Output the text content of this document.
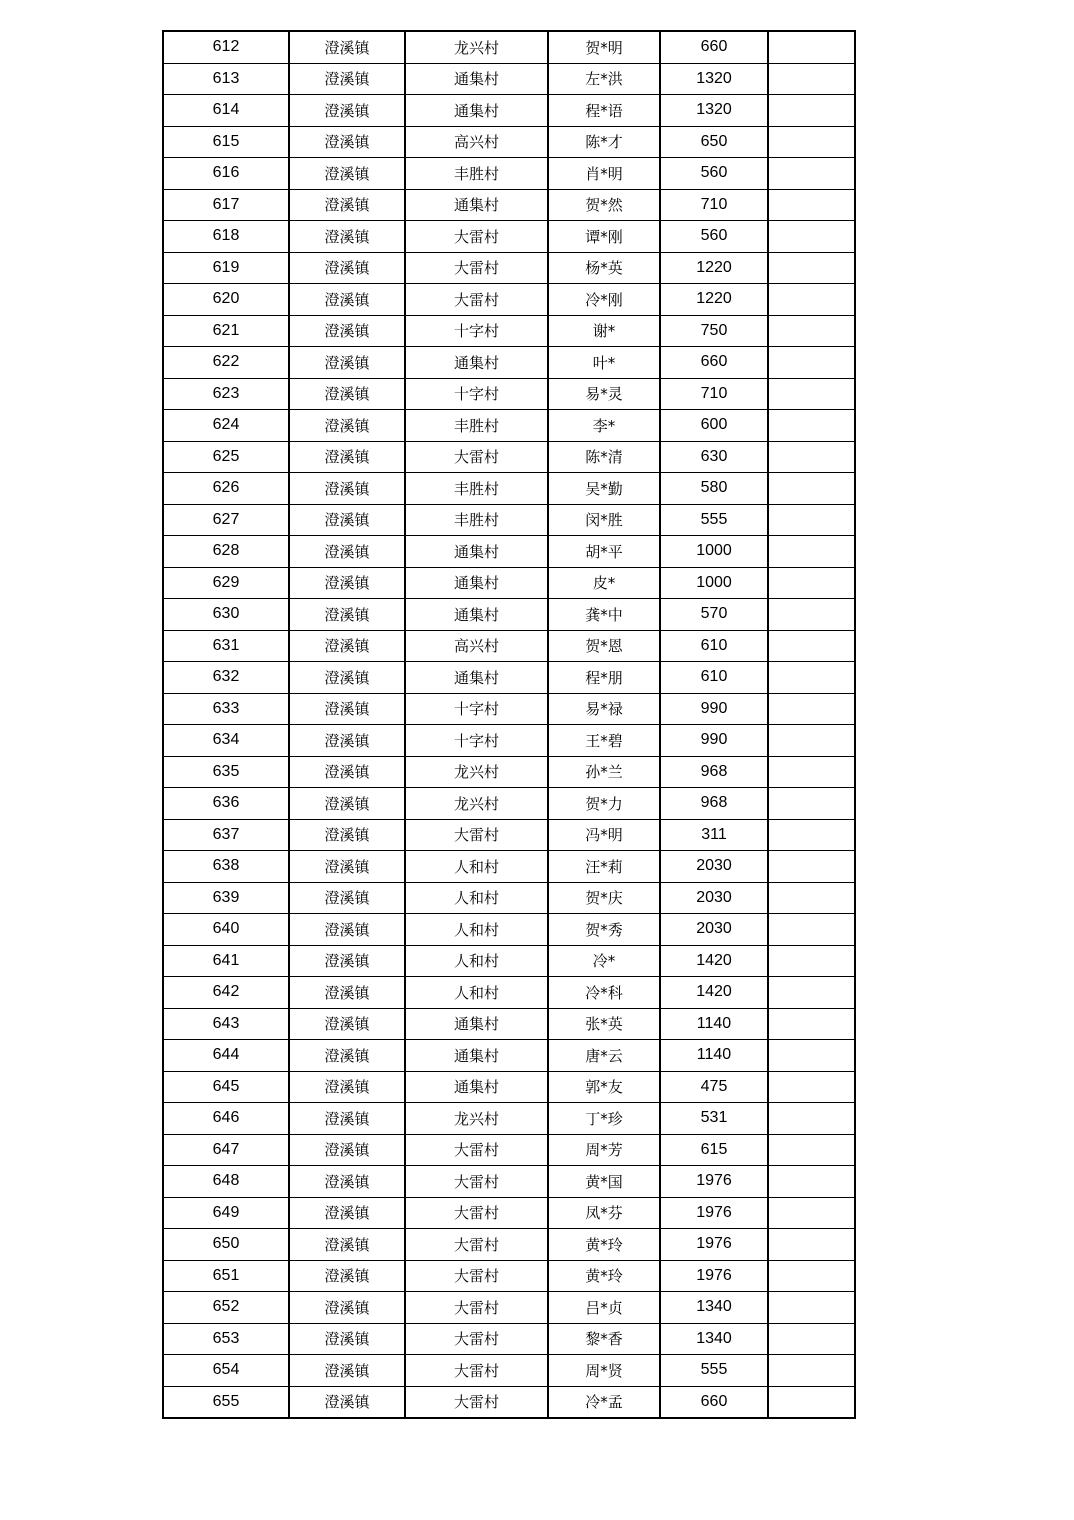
612	澄溪镇	龙兴村	贺*明	660	
613	澄溪镇	通集村	左*洪	1320	
614	澄溪镇	通集村	程*语	1320	
615	澄溪镇	高兴村	陈*才	650	
616	澄溪镇	丰胜村	肖*明	560	
617	澄溪镇	通集村	贺*然	710	
618	澄溪镇	大雷村	谭*刚	560	
619	澄溪镇	大雷村	杨*英	1220	
620	澄溪镇	大雷村	冷*刚	1220	
621	澄溪镇	十字村	谢*	750	
622	澄溪镇	通集村	叶*	660	
623	澄溪镇	十字村	易*灵	710	
624	澄溪镇	丰胜村	李*	600	
625	澄溪镇	大雷村	陈*清	630	
626	澄溪镇	丰胜村	吴*勤	580	
627	澄溪镇	丰胜村	闵*胜	555	
628	澄溪镇	通集村	胡*平	1000	
629	澄溪镇	通集村	皮*	1000	
630	澄溪镇	通集村	龚*中	570	
631	澄溪镇	高兴村	贺*恩	610	
632	澄溪镇	通集村	程*朋	610	
633	澄溪镇	十字村	易*禄	990	
634	澄溪镇	十字村	王*碧	990	
635	澄溪镇	龙兴村	孙*兰	968	
636	澄溪镇	龙兴村	贺*力	968	
637	澄溪镇	大雷村	冯*明	311	
638	澄溪镇	人和村	汪*莉	2030	
639	澄溪镇	人和村	贺*庆	2030	
640	澄溪镇	人和村	贺*秀	2030	
641	澄溪镇	人和村	冷*	1420	
642	澄溪镇	人和村	冷*科	1420	
643	澄溪镇	通集村	张*英	1140	
644	澄溪镇	通集村	唐*云	1140	
645	澄溪镇	通集村	郭*友	475	
646	澄溪镇	龙兴村	丁*珍	531	
647	澄溪镇	大雷村	周*芳	615	
648	澄溪镇	大雷村	黄*国	1976	
649	澄溪镇	大雷村	凤*芬	1976	
650	澄溪镇	大雷村	黄*玲	1976	
651	澄溪镇	大雷村	黄*玲	1976	
652	澄溪镇	大雷村	吕*贞	1340	
653	澄溪镇	大雷村	黎*香	1340	
654	澄溪镇	大雷村	周*贤	555	
655	澄溪镇	大雷村	冷*孟	660	
